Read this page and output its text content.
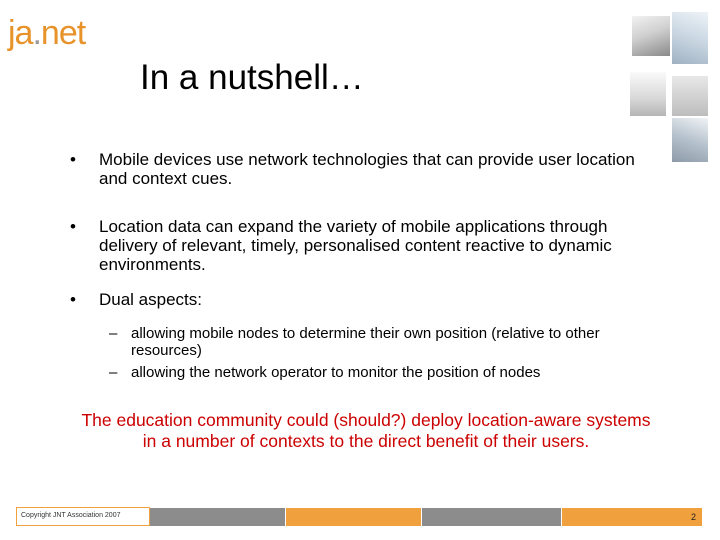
ja.net
In a nutshell…
• Mobile devices use network technologies that can provide user location and context cues.
• Location data can expand the variety of mobile applications through delivery of relevant, timely, personalised content reactive to dynamic environments.
• Dual aspects:
– allowing mobile nodes to determine their own position (relative to other resources)
– allowing the network operator to monitor the position of nodes
The education community could (should?) deploy location-aware systems in a number of contexts to the direct benefit of their users.
Copyright JNT Association 2007	2
